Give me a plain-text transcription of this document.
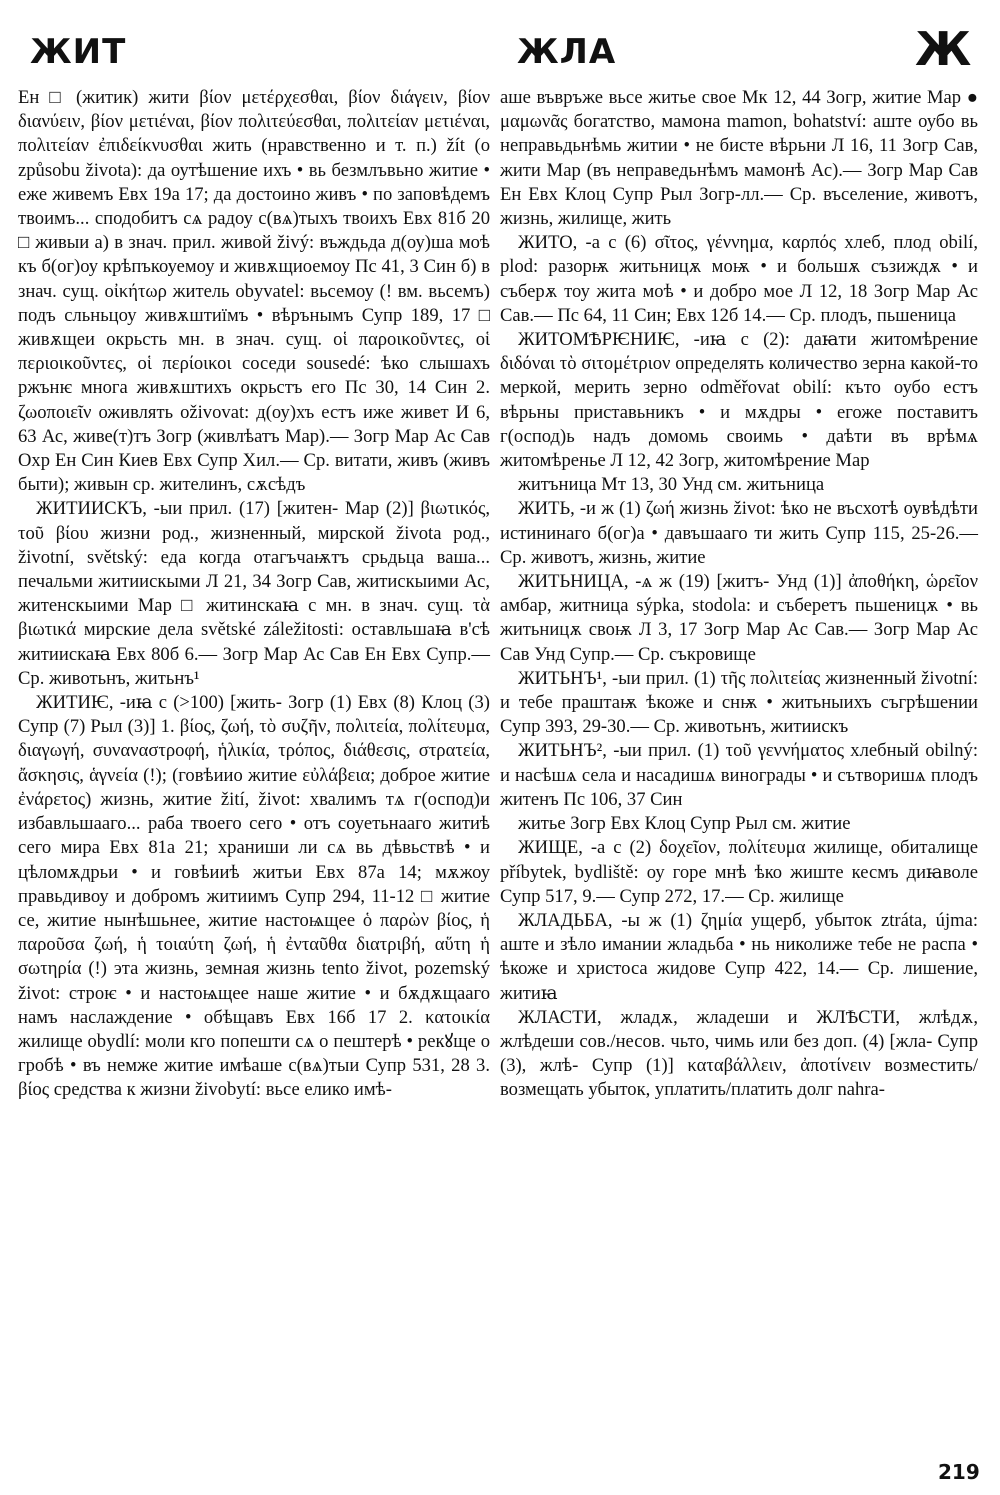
ЖИТ	ЖЛА	Ж

Ен □ (житик) жити βίον μετέρχεσθαι, βίον διάγειν, βίον διανύειν, βίον μετιέναι, βίον πολιτεύεσθαι, πολιτείαν μετιέναι, πολιτείαν ἐπιδείκνυσθαι жить (нравственно и т. п.) žít (o způsobu života): да оутѣшение ихъ • вь безмлъвьно житие • еже живемъ Евх 19а 17; да достоино живъ • по заповѣдемъ твоимъ... сподобитъ сѧ радоу с(вѧ)тыхъ твоихъ Евх 81б 20 □ живыи а) в знач. прил. живой živý: въждьда д(оу)ша моѣ къ б(ог)оу крѣпъкоуемоу и живѫщиоемоу Пс 41, 3 Син б) в знач. сущ. οἰκήτωρ житель obyvatel: вьсемоу (! вм. вьсемъ) подъ сльньцоу живѫштиїмъ • вѣрънымъ Супр 189, 17 □ живѫщеи окрьсть мн. в знач. сущ. οἱ παροικοῦντες, οἱ περιοικοῦντες, οἱ περίοικοι соседи sousedé: ѣко слышахъ ржънѥ многа живѫштихъ окрьстъ его Пс 30, 14 Син 2. ζωοποιεῖν оживлять oživovat: д(оу)хъ естъ иже живет И 6, 63 Ас, живе(т)тъ Зогр (живлѣатъ Мар).— Зогр Мар Ас Сав Охр Ен Син Киев Евх Супр Хил.— Ср. витати, живъ (живъ быти); живын ср. жителинъ, сѫсѣдъ

ЖИТИИСКЪ, -ыи прил. (17) [житен- Мар (2)] βιωτικός, τοῦ βίου жизни род., жизненный, мирской života род., životní, světský: еда когда отагъчаѭтъ срьдьца ваша... печальми житиискыми Л 21, 34 Зогр Сав, житискыими Ас, житенскыими Мар □ житинскаꙗ с мн. в знач. сущ. τὰ βιωτικά мирские дела světské záležitosti: оставльшаꙗ в'сѣ житиискаꙗ Евх 80б 6.— Зогр Мар Ас Сав Ен Евх Супр.— Ср. животьнъ, житьнъ¹

ЖИТИѤ, -иꙗ с (>100) [жить- Зогр (1) Евх (8) Клоц (3) Супр (7) Рыл (3)] 1. βίος, ζωή, τὸ συζῆν, πολιτεία, πολίτευμα, διαγωγή, συναναστροφή, ἡλικία, τρόπος, διάθεσις, στρατεία, ἄσκησις, ἁγνεία (!); (говѣиио житие εὐλάβεια; доброе житие ἐνάρετος) жизнь, житие žití, život: хвалимъ тѧ г(оспод)и избавльшааго... раба твоего сего • отъ соуетьнааго житиѣ сего мира Евх 81а 21; храниши ли сѧ вь дѣвьствѣ • и цѣломѫдрьи • и говѣииѣ житьи Евх 87а 14; мѫжоу правьдивоу и добромъ житиимъ Супр 294, 11-12 □ житие се, житие нынѣшьнее, житие настоѩщее ὁ παρὼν βίος, ἡ παροῦσα ζωή, ἡ τοιαύτη ζωή, ἡ ἐνταῦθα διατριβή, αὕτη ἡ σωτηρία (!) эта жизнь, земная жизнь tento život, pozemský život: строѥ • и настоѩщее наше житие • и бѫдѫщааго намъ наслаждение • обѣщавъ Евх 16б 17 2. κατοικία жилище obydlí: моли кго попешти сѧ о пештерѣ • рекꙋще о гробѣ • въ немже житие имѣаше с(вѧ)тыи Супр 531, 28 3. βίος средства к жизни živobytí: вьсе елико имѣ-

аше въвръже вьсе житье свое Мк 12, 44 Зогр, житие Мар ● μαμωνᾶς богатство, мамона mamon, bohatství: аште оубо вь неправьдьнѣмь житии • не бисте вѣрьни Л 16, 11 Зогр Сав, жити Мар (въ неправедьнѣмъ мамонѣ Ас).— Зогр Мар Сав Ен Евх Клоц Супр Рыл Зогр-лл.— Ср. въселение, животъ, жизнь, жилище, жить

ЖИТО, -а с (6) σῖτος, γέννημα, καρπός хлеб, плод obilí, plod: разорѭ житьницѫ моѭ • и большѫ съзиждѫ • и съберѫ тоу жита моѣ • и добро мое Л 12, 18 Зогр Мар Ас Сав.— Пс 64, 11 Син; Евх 12б 14.— Ср. плодъ, пьшеница

ЖИТОМѢРѤНИѤ, -иꙗ с (2): даꙗти житомѣрение διδόναι τὸ σιτομέτριον определять количество зерна какой-то меркой, мерить зерно odměřovat obilí: къто оубо естъ вѣрьны приставьникъ • и мѫдры • егоже поставитъ г(оспод)ь надъ домомь своимь • даѣти въ врѣмѧ житомѣренье Л 12, 42 Зогр, житомѣрение Мар

житъница Мт 13, 30 Унд см. житьница

ЖИТЬ, -и ж (1) ζωή жизнь život: ѣко не въсхотѣ оувѣдѣти истининаго б(ог)а • давъшааго ти жить Супр 115, 25-26.— Ср. животъ, жизнь, житие

ЖИТЬНИЦА, -ѧ ж (19) [житъ- Унд (1)] ἀποθήκη, ὡρεῖον амбар, житница sýpka, stodola: и съберетъ пьшеницѫ • вь житьницѫ своѭ Л 3, 17 Зогр Мар Ас Сав.— Зогр Мар Ас Сав Унд Супр.— Ср. съкровище

ЖИТЬНЪ¹, -ыи прил. (1) τῆς πολιτείας жизненный životní: и тебе праштаѭ ѣкоже и снѭ • житьныихъ съгрѣшении Супр 393, 29-30.— Ср. животьнъ, житиискъ

ЖИТЬНЪ², -ыи прил. (1) τοῦ γεννήματος хлебный obilný: и насѣшѧ села и насадишѧ винограды • и сътворишѧ плодъ житенъ Пс 106, 37 Син

житье Зогр Евх Клоц Супр Рыл см. житие

ЖИЩЕ, -а с (2) δοχεῖον, πολίτευμα жилище, обиталище příbytek, bydliště: оу горе мнѣ ѣко жиште кесмъ диꙗволе Супр 517, 9.— Супр 272, 17.— Ср. жилище

ЖЛАДЬБА, -ы ж (1) ζημία ущерб, убыток ztráta, újma: аште и зѣло имании жладьба • нь николиже тебе не распа • ѣкоже и христоса жидове Супр 422, 14.— Ср. лишение, житиꙗ

ЖЛАСТИ, жладѫ, жладеши и ЖЛѢСТИ, жлѣдѫ, жлѣдеши сов./несов. чьто, чимь или без доп. (4) [жла- Супр (3), жлѣ- Супр (1)] καταβάλλειν, ἀποτίνειν возместить/возмещать убыток, уплатить/платить долг nahra-

219
